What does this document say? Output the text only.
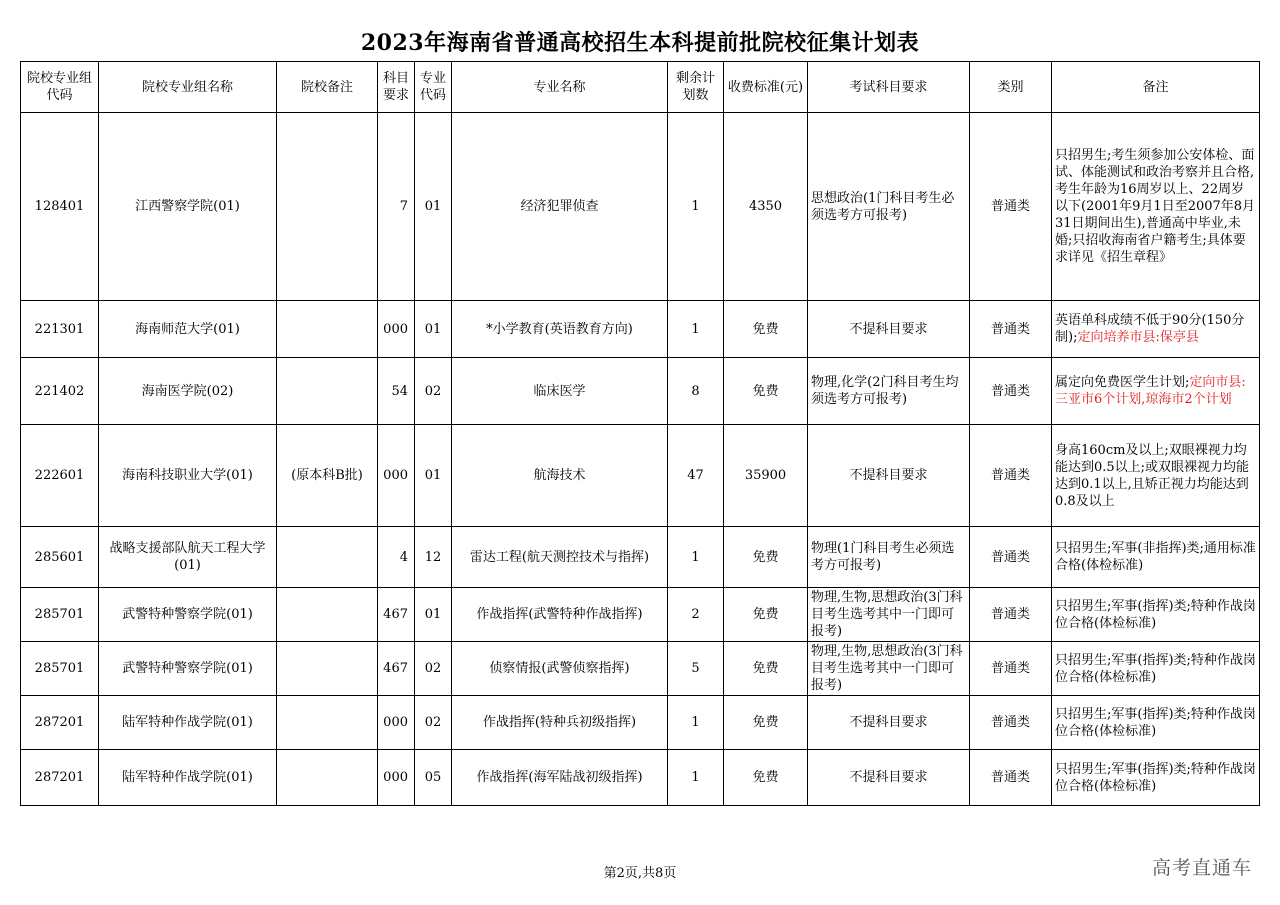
2023年海南省普通高校招生本科提前批院校征集计划表
院校专业组代码	院校专业组名称	院校备注	科目要求	专业代码	专业名称	剩余计划数	收费标准(元)	考试科目要求	类别	备注
128401	江西警察学院(01)		7	01	经济犯罪侦查	1	4350	思想政治(1门科目考生必须选考方可报考)	普通类	只招男生;考生须参加公安体检、面试、体能测试和政治考察并且合格,考生年龄为16周岁以上、22周岁以下(2001年9月1日至2007年8月31日期间出生),普通高中毕业,未婚;只招收海南省户籍考生;具体要求详见《招生章程》
221301	海南师范大学(01)		000	01	*小学教育(英语教育方向)	1	免费	不提科目要求	普通类	英语单科成绩不低于90分(150分制);定向培养市县:保亭县
221402	海南医学院(02)		54	02	临床医学	8	免费	物理,化学(2门科目考生均须选考方可报考)	普通类	属定向免费医学生计划;定向市县:三亚市6个计划,琼海市2个计划
222601	海南科技职业大学(01)	(原本科B批)	000	01	航海技术	47	35900	不提科目要求	普通类	身高160cm及以上;双眼裸视力均能达到0.5以上;或双眼裸视力均能达到0.1以上,且矫正视力均能达到0.8及以上
285601	战略支援部队航天工程大学(01)		4	12	雷达工程(航天测控技术与指挥)	1	免费	物理(1门科目考生必须选考方可报考)	普通类	只招男生;军事(非指挥)类;通用标准合格(体检标准)
285701	武警特种警察学院(01)		467	01	作战指挥(武警特种作战指挥)	2	免费	物理,生物,思想政治(3门科目考生选考其中一门即可报考)	普通类	只招男生;军事(指挥)类;特种作战岗位合格(体检标准)
285701	武警特种警察学院(01)		467	02	侦察情报(武警侦察指挥)	5	免费	物理,生物,思想政治(3门科目考生选考其中一门即可报考)	普通类	只招男生;军事(指挥)类;特种作战岗位合格(体检标准)
287201	陆军特种作战学院(01)		000	02	作战指挥(特种兵初级指挥)	1	免费	不提科目要求	普通类	只招男生;军事(指挥)类;特种作战岗位合格(体检标准)
287201	陆军特种作战学院(01)		000	05	作战指挥(海军陆战初级指挥)	1	免费	不提科目要求	普通类	只招男生;军事(指挥)类;特种作战岗位合格(体检标准)
第2页,共8页	高考直通车
